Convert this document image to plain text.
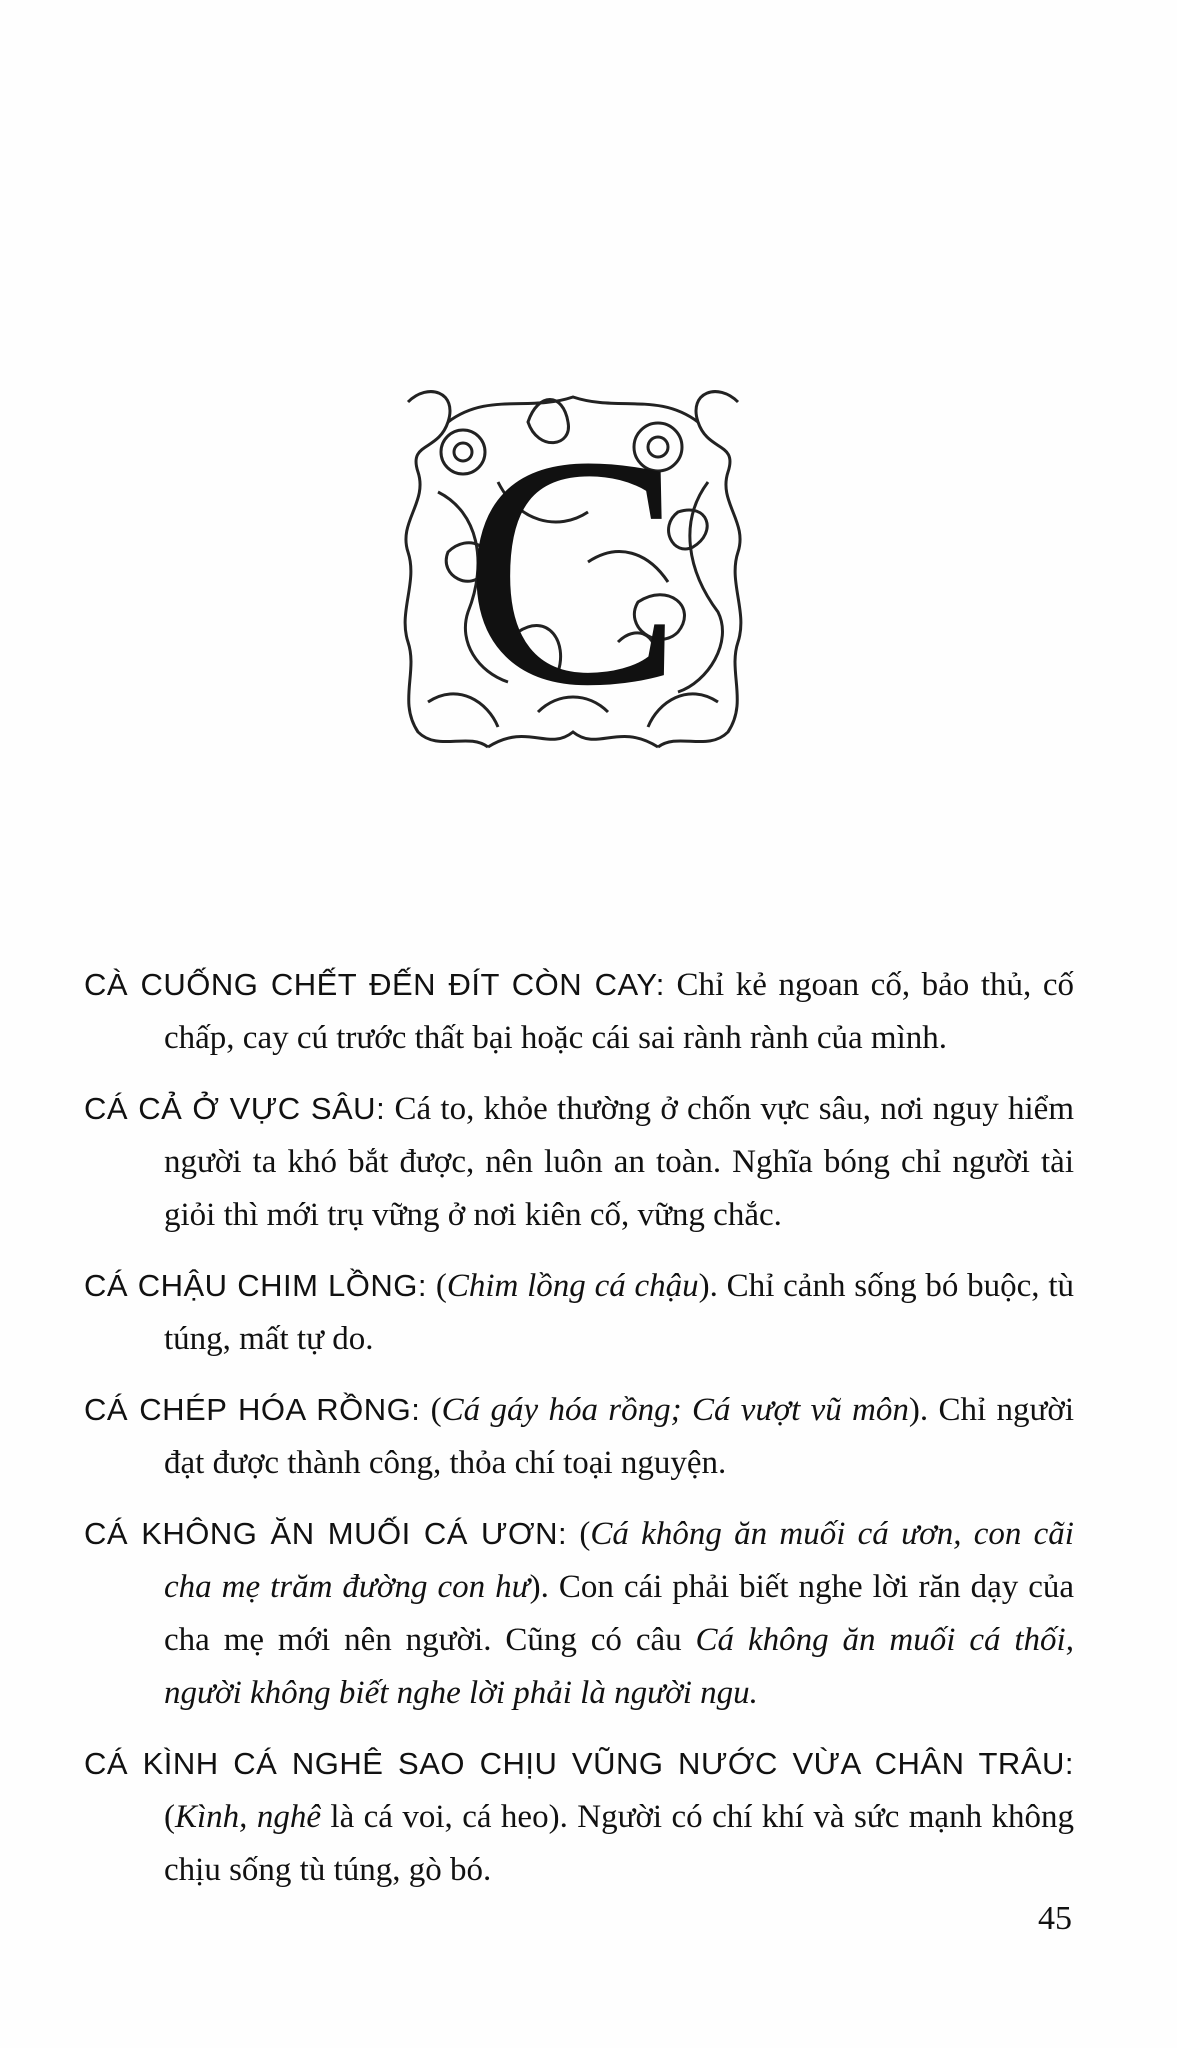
C

CÀ CUỐNG CHẾT ĐẾN ĐÍT CÒN CAY: Chỉ kẻ ngoan cố, bảo thủ, cố chấp, cay cú trước thất bại hoặc cái sai rành rành của mình.

CÁ CẢ Ở VỰC SÂU: Cá to, khỏe thường ở chốn vực sâu, nơi nguy hiểm người ta khó bắt được, nên luôn an toàn. Nghĩa bóng chỉ người tài giỏi thì mới trụ vững ở nơi kiên cố, vững chắc.

CÁ CHẬU CHIM LỒNG: (Chim lồng cá chậu). Chỉ cảnh sống bó buộc, tù túng, mất tự do.

CÁ CHÉP HÓA RỒNG: (Cá gáy hóa rồng; Cá vượt vũ môn). Chỉ người đạt được thành công, thỏa chí toại nguyện.

CÁ KHÔNG ĂN MUỐI CÁ ƯƠN: (Cá không ăn muối cá ươn, con cãi cha mẹ trăm đường con hư). Con cái phải biết nghe lời răn dạy của cha mẹ mới nên người. Cũng có câu Cá không ăn muối cá thối, người không biết nghe lời phải là người ngu.

CÁ KÌNH CÁ NGHÊ SAO CHỊU VŨNG NƯỚC VỪA CHÂN TRÂU: (Kình, nghê là cá voi, cá heo). Người có chí khí và sức mạnh không chịu sống tù túng, gò bó.

45
